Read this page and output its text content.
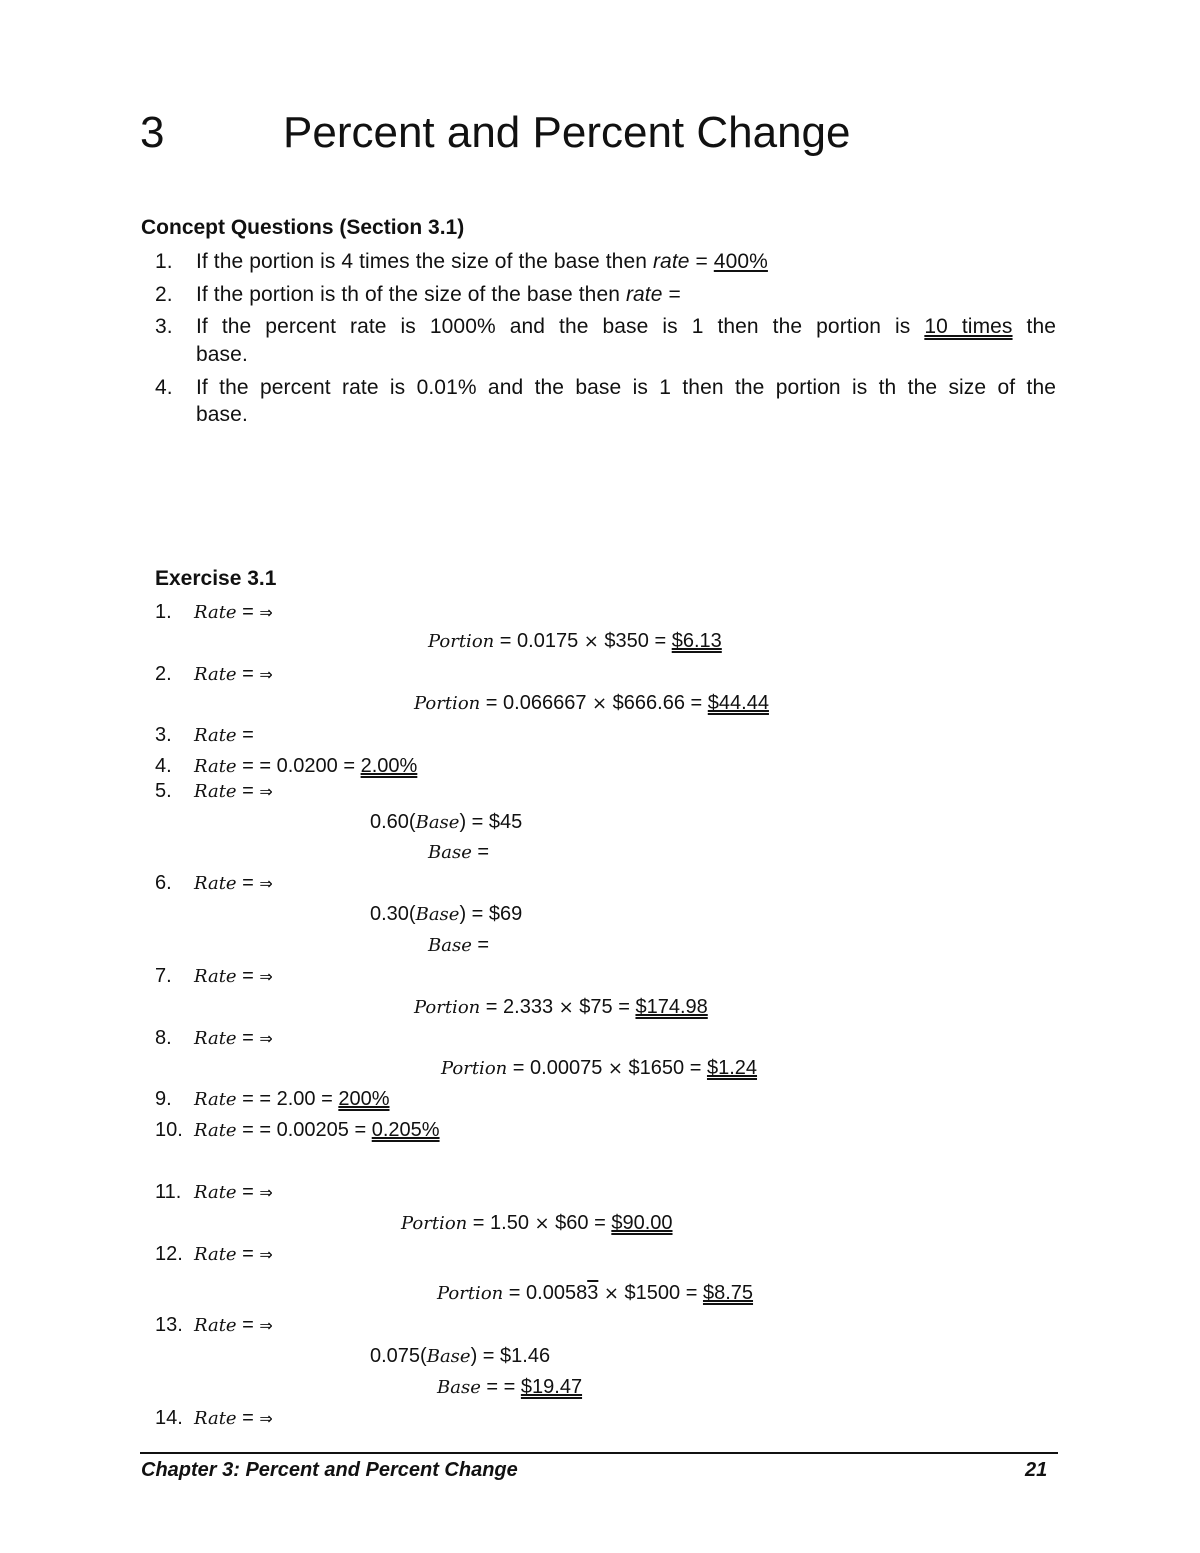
3	Percent and Percent Change
Concept Questions (Section 3.1)
1. If the portion is 4 times the size of the base then rate = 400%
2. If the portion is th of the size of the base then rate =
3. If the percent rate is 1000% and the base is 1 then the portion is 10 times the
base.
4. If the percent rate is 0.01% and the base is 1 then the portion is th the size of the
base.
Exercise 3.1
1. Rate = ⇒
Portion = 0.0175 × $350 = $6.13
2. Rate = ⇒
Portion = 0.066667 × $666.66 = $44.44
3. Rate =
4. Rate = = 0.0200 = 2.00%
5. Rate = ⇒
0.60(Base) = $45
Base =
6. Rate = ⇒
0.30(Base) = $69
Base =
7. Rate = ⇒
Portion = 2.333 × $75 = $174.98
8. Rate = ⇒
Portion = 0.00075 × $1650 = $1.24
9. Rate = = 2.00 = 200%
10. Rate = = 0.00205 = 0.205%
11. Rate = ⇒
Portion = 1.50 × $60 = $90.00
12. Rate = ⇒
Portion = 0.00583 × $1500 = $8.75
13. Rate = ⇒
0.075(Base) = $1.46
Base = = $19.47
14. Rate = ⇒
Chapter 3: Percent and Percent Change	21
